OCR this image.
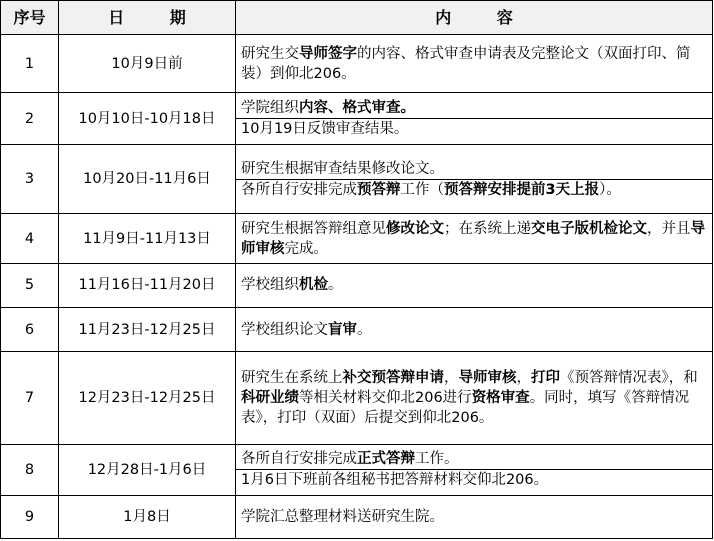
序号	日 期	内 容
1	10月9日前	研究生交导师签字的内容、格式审查申请表及完整论文（双面打印、简装）到仰北206。

2	10月10日-10月18日	学院组织内容、格式审查。
10月19日反馈审查结果。

3	10月20日-11月6日	研究生根据审查结果修改论文。
各所自行安排完成预答辩工作（预答辩安排提前3天上报）。

4	11月9日-11月13日	研究生根据答辩组意见修改论文；在系统上递交电子版机检论文，并且导师审核完成。

5	11月16日-11月20日	学校组织机检。

6	11月23日-12月25日	学校组织论文盲审。

7	12月23日-12月25日	研究生在系统上补交预答辩申请，导师审核，打印《预答辩情况表》，和科研业绩等相关材料交仰北206进行资格审查。同时，填写《答辩情况表》，打印（双面）后提交到仰北206。

8	12月28日-1月6日	各所自行安排完成正式答辩工作。
1月6日下班前各组秘书把答辩材料交仰北206。

9	1月8日	学院汇总整理材料送研究生院。
